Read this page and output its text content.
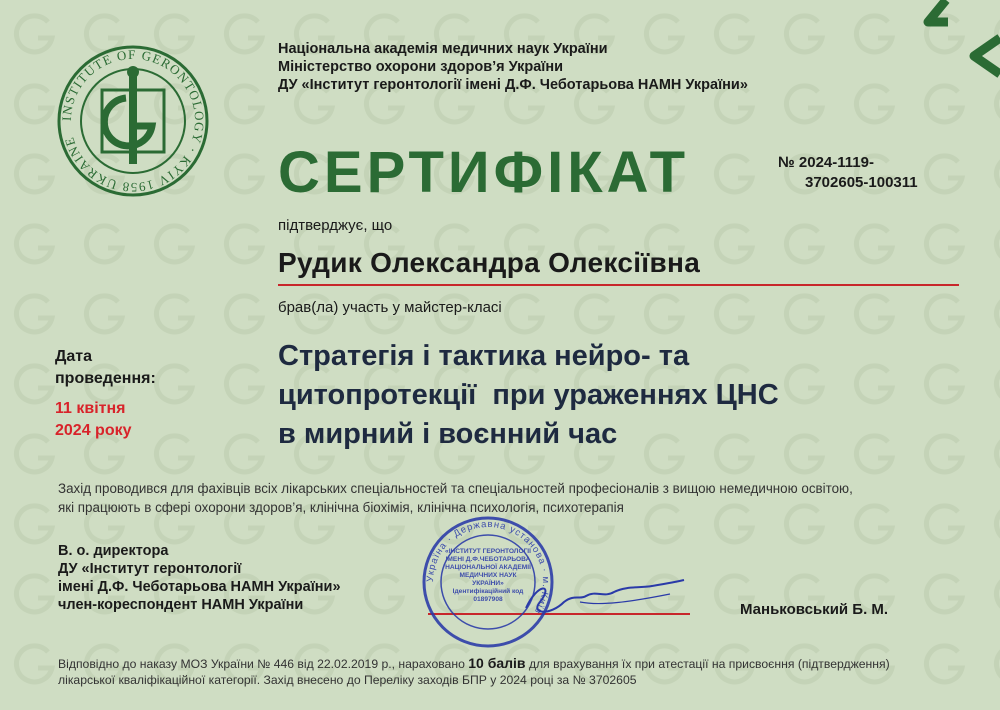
INSTITUTE OF GERONTOLOGY · KYIV 1958 UKRAINE
Національна академія медичних наук України
Міністерство охорони здоров’я України
ДУ «Інститут геронтології імені Д.Ф. Чеботарьова НАМН України»
СЕРТИФІКАТ	№ 2024-1119-
3702605-100311
підтверджує, що
Рудик Олександра Олексіївна
брав(ла) участь у майстер-класі
Стратегія і тактика нейро- та
цитопротекції  при ураженнях ЦНС
в мирний і воєнний час
Дата
проведення:
11 квітня
2024 року
Захід проводився для фахівців всіх лікарських спеціальностей та спеціальностей професіоналів з вищою немедичною освітою,
які працюють в сфері охорони здоров’я, клінічна біохімія, клінічна психологія, психотерапія
В. о. директора
ДУ «Інститут геронтології
імені Д.Ф. Чеботарьова НАМН України»
член-кореспондент НАМН України
Україна · Державна установа · м. Київ
«ІНСТИТУТ ГЕРОНТОЛОГІЇ ІМЕНІ Д.Ф.ЧЕБОТАРЬОВА НАЦІОНАЛЬНОЇ АКАДЕМІЇ МЕДИЧНИХ НАУК УКРАЇНИ» Ідентифікаційний код 01897908
Маньковський Б. М.
Відповідно до наказу МОЗ України № 446 від 22.02.2019 р., нараховано 10 балів для врахування їх при атестації на присвоєння (підтвердження)
лікарської кваліфікаційної категорії. Захід внесено до Переліку заходів БПР у 2024 році за № 3702605
